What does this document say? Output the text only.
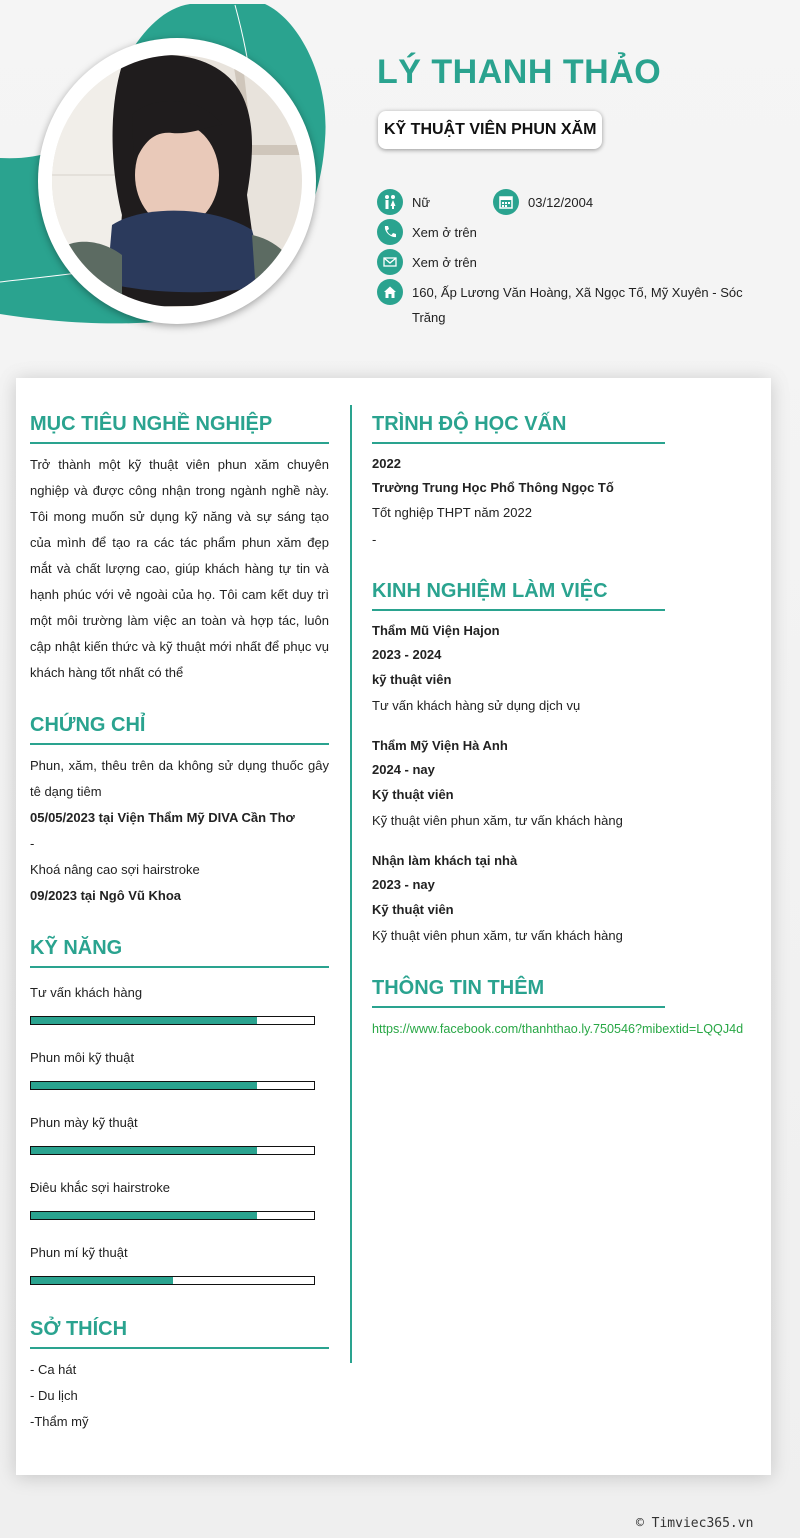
LÝ THANH THẢO
KỸ THUẬT VIÊN PHUN XĂM
Nữ	03/12/2004
Xem ở trên
Xem ở trên
160, Ấp Lương Văn Hoàng, Xã Ngọc Tố, Mỹ Xuyên - Sóc
Trăng
MỤC TIÊU NGHỀ NGHIỆP
Trở thành một kỹ thuật viên phun xăm chuyên
nghiệp và được công nhận trong ngành nghề này.
Tôi mong muốn sử dụng kỹ năng và sự sáng tạo
của mình để tạo ra các tác phẩm phun xăm đẹp
mắt và chất lượng cao, giúp khách hàng tự tin và
hạnh phúc với vẻ ngoài của họ. Tôi cam kết duy trì
một môi trường làm việc an toàn và hợp tác, luôn
cập nhật kiến thức và kỹ thuật mới nhất để phục vụ
khách hàng tốt nhất có thể
CHỨNG CHỈ
Phun, xăm, thêu trên da không sử dụng thuốc gây
tê dạng tiêm
05/05/2023 tại Viện Thẩm Mỹ DIVA Cần Thơ
-
Khoá nâng cao sợi hairstroke
09/2023 tại Ngô Vũ Khoa
KỸ NĂNG
Tư vấn khách hàng
Phun môi kỹ thuật
Phun mày kỹ thuật
Điêu khắc sợi hairstroke
Phun mí kỹ thuật
SỞ THÍCH
- Ca hát
- Du lịch
-Thẩm mỹ
TRÌNH ĐỘ HỌC VẤN
2022
Trường Trung Học Phổ Thông Ngọc Tố
Tốt nghiệp THPT năm 2022
-
KINH NGHIỆM LÀM VIỆC
Thẩm Mũ Viện Hajon
2023 - 2024
kỹ thuật viên
Tư vấn khách hàng sử dụng dịch vụ
Thẩm Mỹ Viện Hà Anh
2024 - nay
Kỹ thuật viên
Kỹ thuật viên phun xăm, tư vấn khách hàng
Nhận làm khách tại nhà
2023 - nay
Kỹ thuật viên
Kỹ thuật viên phun xăm, tư vấn khách hàng
THÔNG TIN THÊM
https://www.facebook.com/thanhthao.ly.750546?mibextid=LQQJ4d
© Timviec365.vn
